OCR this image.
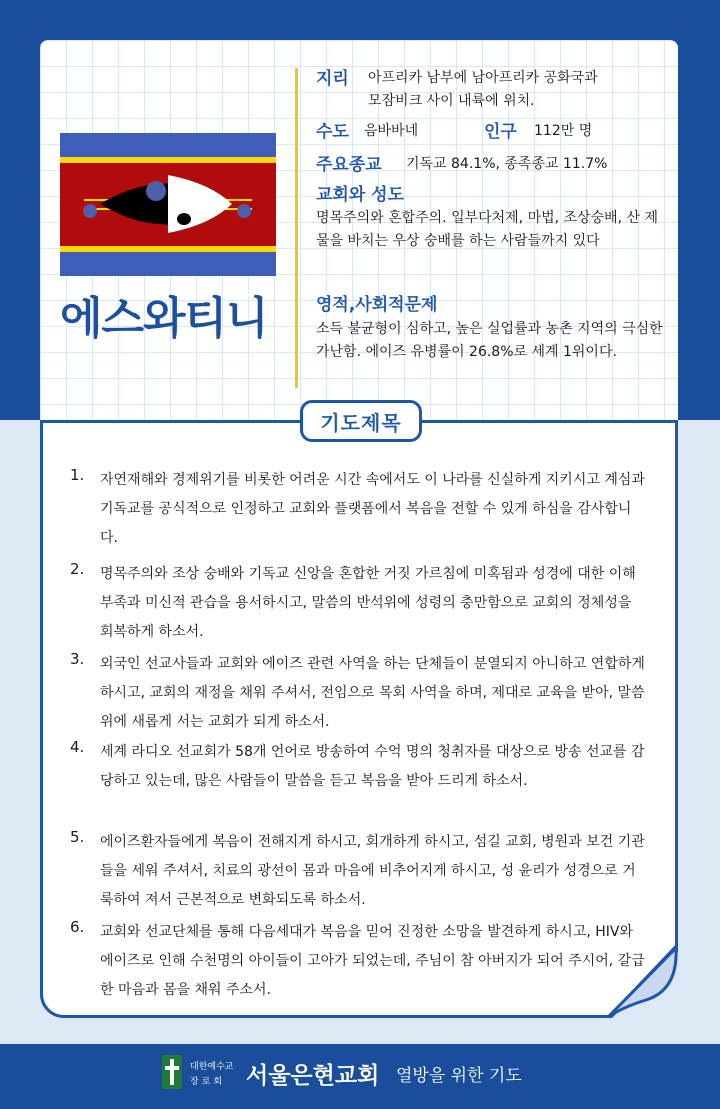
에스와티니
지리 아프리카 남부에 남아프리카 공화국과
모잠비크 사이 내륙에 위치.
수도 음바바네	인구 112만 명
주요종교 기독교 84.1%, 종족종교 11.7%
교회와 성도
명목주의와 혼합주의. 일부다처제, 마법, 조상숭배, 산 제물을 바치는 우상 숭배를 하는 사람들까지 있다
영적,사회적문제
소득 불균형이 심하고, 높은 실업률과 농촌 지역의 극심한 가난함. 에이즈 유병률이 26.8%로 세계 1위이다.
기도제목
1. 자연재해와 경제위기를 비롯한 어려운 시간 속에서도 이 나라를 신실하게 지키시고 계심과 기독교를 공식적으로 인정하고 교회와 플랫폼에서 복음을 전할 수 있게 하심을 감사합니다.
2. 명목주의와 조상 숭배와 기독교 신앙을 혼합한 거짓 가르침에 미혹됨과 성경에 대한 이해 부족과 미신적 관습을 용서하시고, 말씀의 반석위에 성령의 충만함으로 교회의 정체성을 회복하게 하소서.
3. 외국인 선교사들과 교회와 에이즈 관련 사역을 하는 단체들이 분열되지 아니하고 연합하게 하시고, 교회의 재정을 채워 주셔서, 전임으로 목회 사역을 하며, 제대로 교육을 받아, 말씀위에 새롭게 서는 교회가 되게 하소서.
4. 세계 라디오 선교회가 58개 언어로 방송하여 수억 명의 청취자를 대상으로 방송 선교를 감당하고 있는데, 많은 사람들이 말씀을 듣고 복음을 받아 드리게 하소서.
5. 에이즈환자들에게 복음이 전해지게 하시고, 회개하게 하시고, 섬길 교회, 병원과 보건 기관들을 세워 주셔서, 치료의 광선이 몸과 마음에 비추어지게 하시고, 성 윤리가 성경으로 거룩하여 져서 근본적으로 변화되도록 하소서.
6. 교회와 선교단체를 통해 다음세대가 복음을 믿어 진정한 소망을 발견하게 하시고, HIV와 에이즈로 인해 수천명의 아이들이 고아가 되었는데, 주님이 참 아버지가 되어 주시어, 갈급한 마음과 몸을 채워 주소서.
대한예수교
장로회 서울은현교회 열방을 위한 기도
